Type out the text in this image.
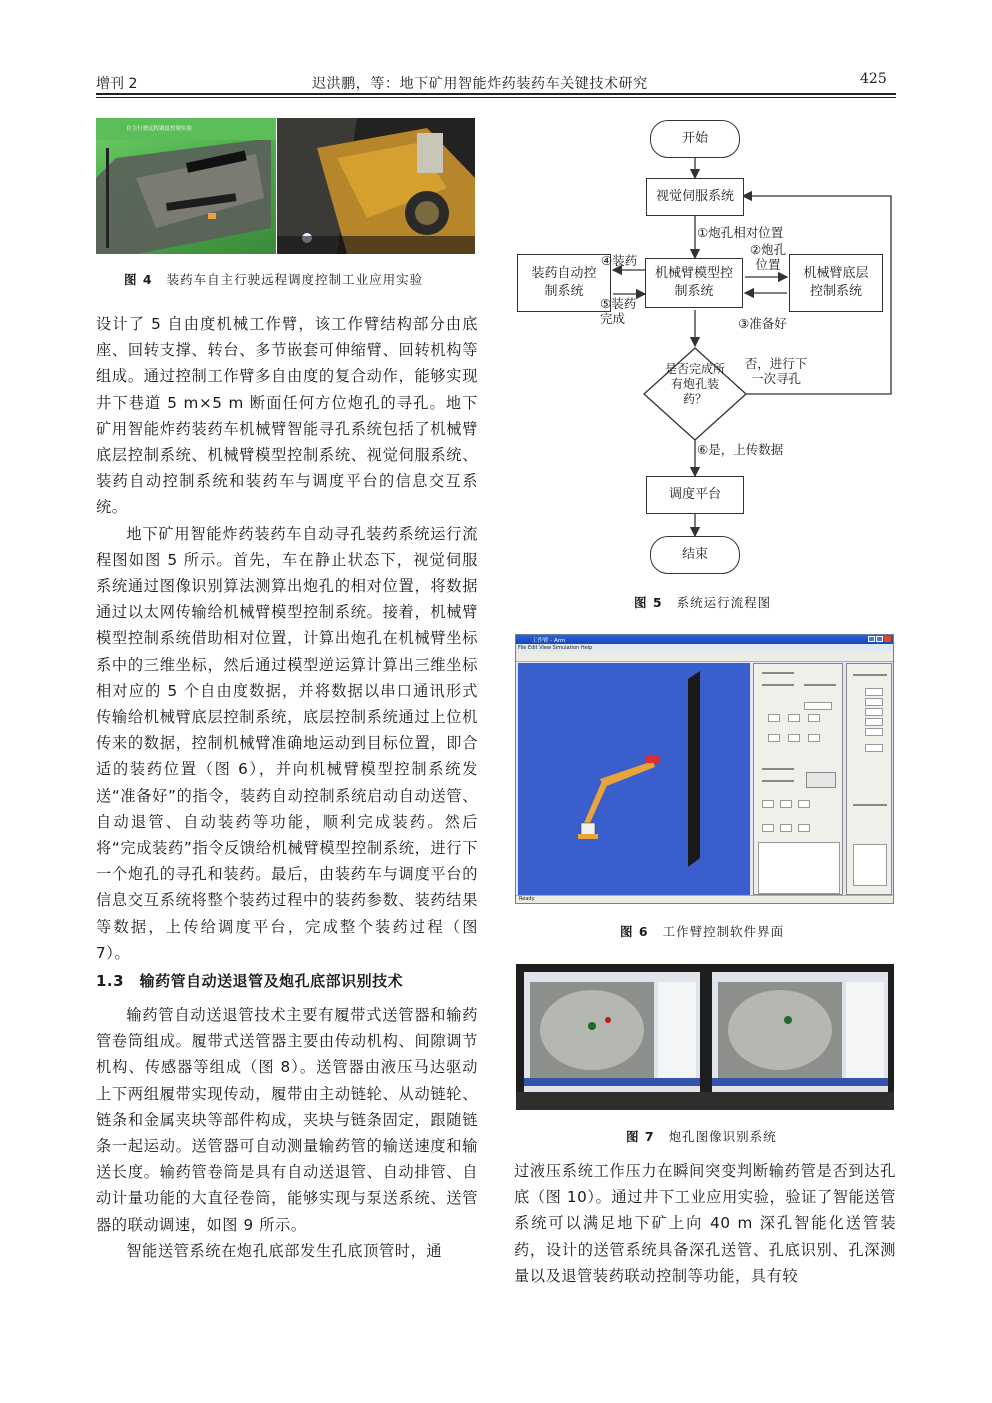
增刊 2	迟洪鹏，等：地下矿用智能炸药装药车关键技术研究	425
自主行驶远程调度控制实验
图 4 装药车自主行驶远程调度控制工业应用实验

设计了 5 自由度机械工作臂，该工作臂结构部分由底座、回转支撑、转台、多节嵌套可伸缩臂、回转机构等组成。通过控制工作臂多自由度的复合动作，能够实现井下巷道 5 m×5 m 断面任何方位炮孔的寻孔。地下矿用智能炸药装药车机械臂智能寻孔系统包括了机械臂底层控制系统、机械臂模型控制系统、视觉伺服系统、装药自动控制系统和装药车与调度平台的信息交互系统。

地下矿用智能炸药装药车自动寻孔装药系统运行流程图如图 5 所示。首先，车在静止状态下，视觉伺服系统通过图像识别算法测算出炮孔的相对位置，将数据通过以太网传输给机械臂模型控制系统。接着，机械臂模型控制系统借助相对位置，计算出炮孔在机械臂坐标系中的三维坐标，然后通过模型逆运算计算出三维坐标相对应的 5 个自由度数据，并将数据以串口通讯形式传输给机械臂底层控制系统，底层控制系统通过上位机传来的数据，控制机械臂准确地运动到目标位置，即合适的装药位置（图 6），并向机械臂模型控制系统发送“准备好”的指令，装药自动控制系统启动自动送管、自动退管、自动装药等功能，顺利完成装药。然后将“完成装药”指令反馈给机械臂模型控制系统，进行下一个炮孔的寻孔和装药。最后，由装药车与调度平台的信息交互系统将整个装药过程中的装药参数、装药结果等数据，上传给调度平台，完成整个装药过程（图 7）。

1.3　输药管自动送退管及炮孔底部识别技术

输药管自动送退管技术主要有履带式送管器和输药管卷筒组成。履带式送管器主要由传动机构、间隙调节机构、传感器等组成（图 8）。送管器由液压马达驱动上下两组履带实现传动，履带由主动链轮、从动链轮、链条和金属夹块等部件构成，夹块与链条固定，跟随链条一起运动。送管器可自动测量输药管的输送速度和输送长度。输药管卷筒是具有自动送退管、自动排管、自动计量功能的大直径卷筒，能够实现与泵送系统、送管器的联动调速，如图 9 所示。

智能送管系统在炮孔底部发生孔底顶管时，通

开始
视觉伺服系统
机械臂模型控制系统
装药自动控制系统
机械臂底层控制系统
是否完成所有炮孔装药？
调度平台
结束
①炮孔相对位置
②炮孔位置
③准备好
④装药
⑤装药完成
否，进行下一次寻孔
⑥是，上传数据
图 5 系统运行流程图
工作臂 - Arm
File Edit View Simulation Help
Ready
图 6 工作臂控制软件界面
图 7 炮孔图像识别系统
过液压系统工作压力在瞬间突变判断输药管是否到达孔底（图 10）。通过井下工业应用实验，验证了智能送管系统可以满足地下矿上向 40 m 深孔智能化送管装药，设计的送管系统具备深孔送管、孔底识别、孔深测量以及退管装药联动控制等功能，具有较
